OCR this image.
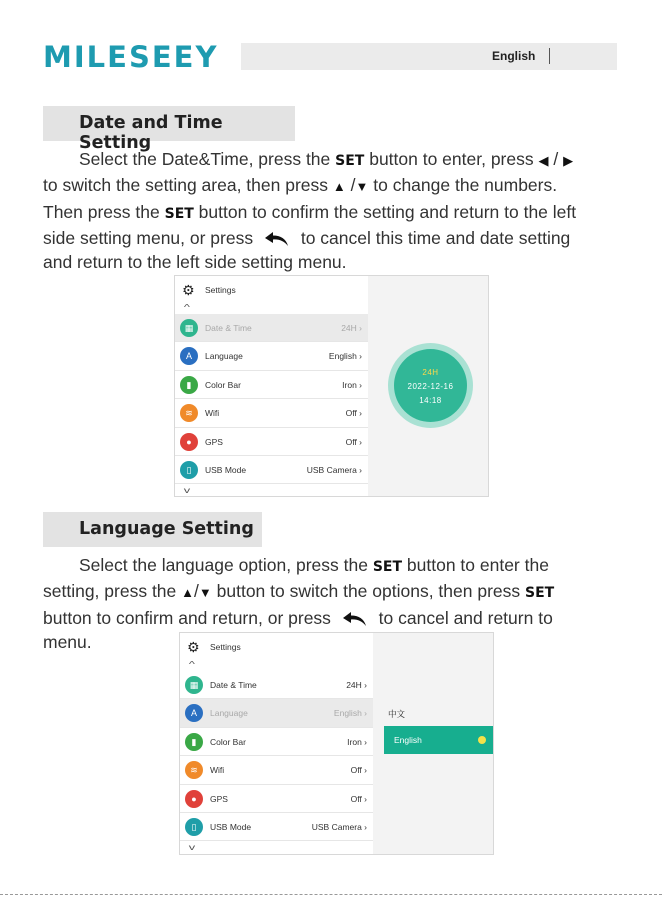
MILESEEY	English
Date and Time Setting
Select the Date&Time, press the SET button to enter, press ◀ / ▶
to switch the setting area, then press ▲ /▼ to change the numbers.
Then press the SET button to confirm the setting and return to the left
side setting menu, or press  to cancel this time and date setting
and return to the left side setting menu.
⚙ Settings
^
▦	Date & Time	24H ›
A	Language	English ›
▮	Color Bar	Iron ›
≋	Wifi	Off ›
●	GPS	Off ›
▯	USB Mode	USB Camera ›
v
24H
2022-12-16
14:18
Language Setting
Select the language option, press the SET button to enter the
setting, press the ▲/▼ button to switch the options, then press SET
button to confirm and return, or press  to cancel and return to
menu.	⚙ Settings
^
▦	Date & Time	24H ›
A	Language	English ›
▮	Color Bar	Iron ›
≋	Wifi	Off ›
●	GPS	Off ›
▯	USB Mode	USB Camera ›
v
中文
English
